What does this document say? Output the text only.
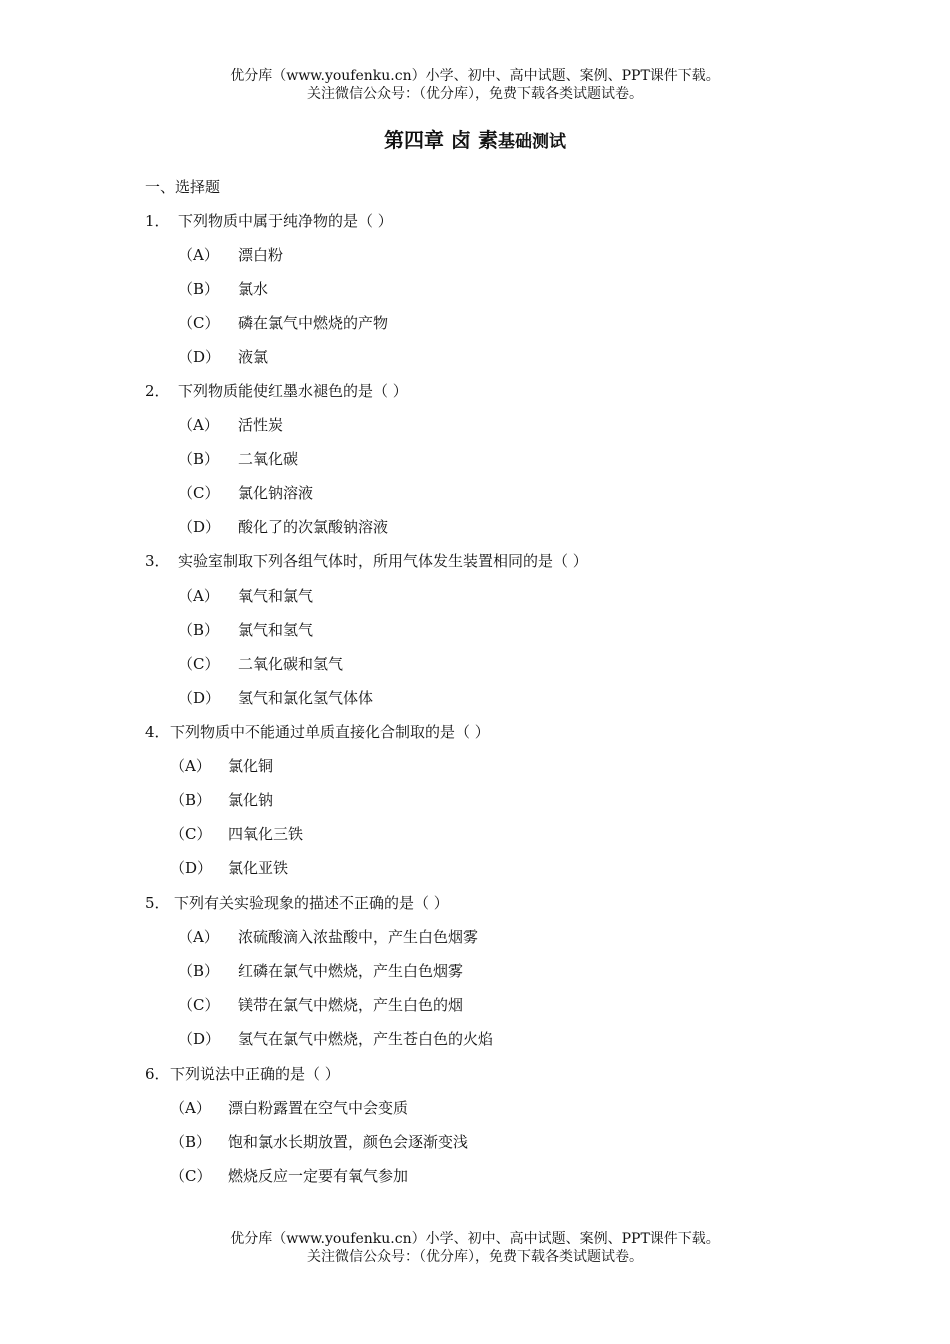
优分库（www.youfenku.cn）小学、初中、高中试题、案例、PPT课件下载。
关注微信公众号：（优分库），免费下载各类试题试卷。
第四章 卤 素基础测试
一、选择题
1． 下列物质中属于纯净物的是（ ）
（A） 漂白粉
（B） 氯水
（C） 磷在氯气中燃烧的产物
（D） 液氯
2． 下列物质能使红墨水褪色的是（ ）
（A） 活性炭
（B） 二氧化碳
（C） 氯化钠溶液
（D） 酸化了的次氯酸钠溶液
3． 实验室制取下列各组气体时，所用气体发生装置相同的是（ ）
（A） 氧气和氯气
（B） 氯气和氢气
（C） 二氧化碳和氢气
（D） 氢气和氯化氢气体体
4．下列物质中不能通过单质直接化合制取的是（ ）
（A） 氯化铜
（B） 氯化钠
（C） 四氧化三铁
（D） 氯化亚铁
5． 下列有关实验现象的描述不正确的是（ ）
（A） 浓硫酸滴入浓盐酸中，产生白色烟雾
（B） 红磷在氯气中燃烧，产生白色烟雾
（C） 镁带在氯气中燃烧，产生白色的烟
（D） 氢气在氯气中燃烧，产生苍白色的火焰
6．下列说法中正确的是（ ）
（A） 漂白粉露置在空气中会变质
（B） 饱和氯水长期放置，颜色会逐渐变浅
（C） 燃烧反应一定要有氧气参加
优分库（www.youfenku.cn）小学、初中、高中试题、案例、PPT课件下载。
关注微信公众号：（优分库），免费下载各类试题试卷。
